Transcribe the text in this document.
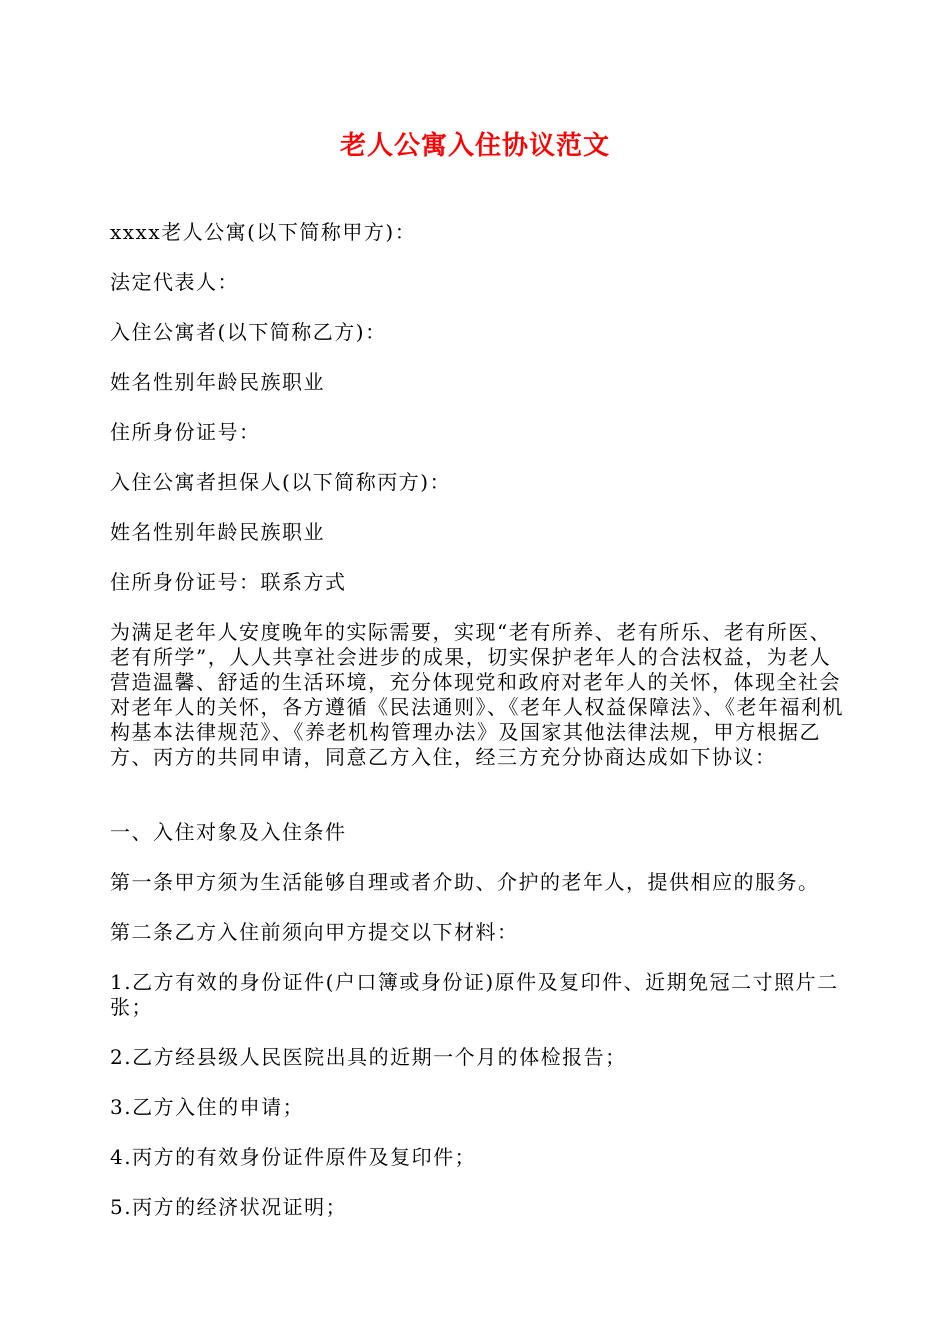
老人公寓入住协议范文

xxxx老人公寓(以下简称甲方)：

法定代表人：

入住公寓者(以下简称乙方)：

姓名性别年龄民族职业

住所身份证号：

入住公寓者担保人(以下简称丙方)：

姓名性别年龄民族职业

住所身份证号：联系方式

为满足老年人安度晚年的实际需要，实现“老有所养、老有所乐、老有所医、老有所学”，人人共享社会进步的成果，切实保护老年人的合法权益，为老人营造温馨、舒适的生活环境，充分体现党和政府对老年人的关怀，体现全社会对老年人的关怀，各方遵循《民法通则》、《老年人权益保障法》、《老年福利机构基本法律规范》、《养老机构管理办法》及国家其他法律法规，甲方根据乙方、丙方的共同申请，同意乙方入住，经三方充分协商达成如下协议：

一、入住对象及入住条件

第一条甲方须为生活能够自理或者介助、介护的老年人，提供相应的服务。

第二条乙方入住前须向甲方提交以下材料：

1.乙方有效的身份证件(户口簿或身份证)原件及复印件、近期免冠二寸照片二张；

2.乙方经县级人民医院出具的近期一个月的体检报告；

3.乙方入住的申请；

4.丙方的有效身份证件原件及复印件；

5.丙方的经济状况证明；
